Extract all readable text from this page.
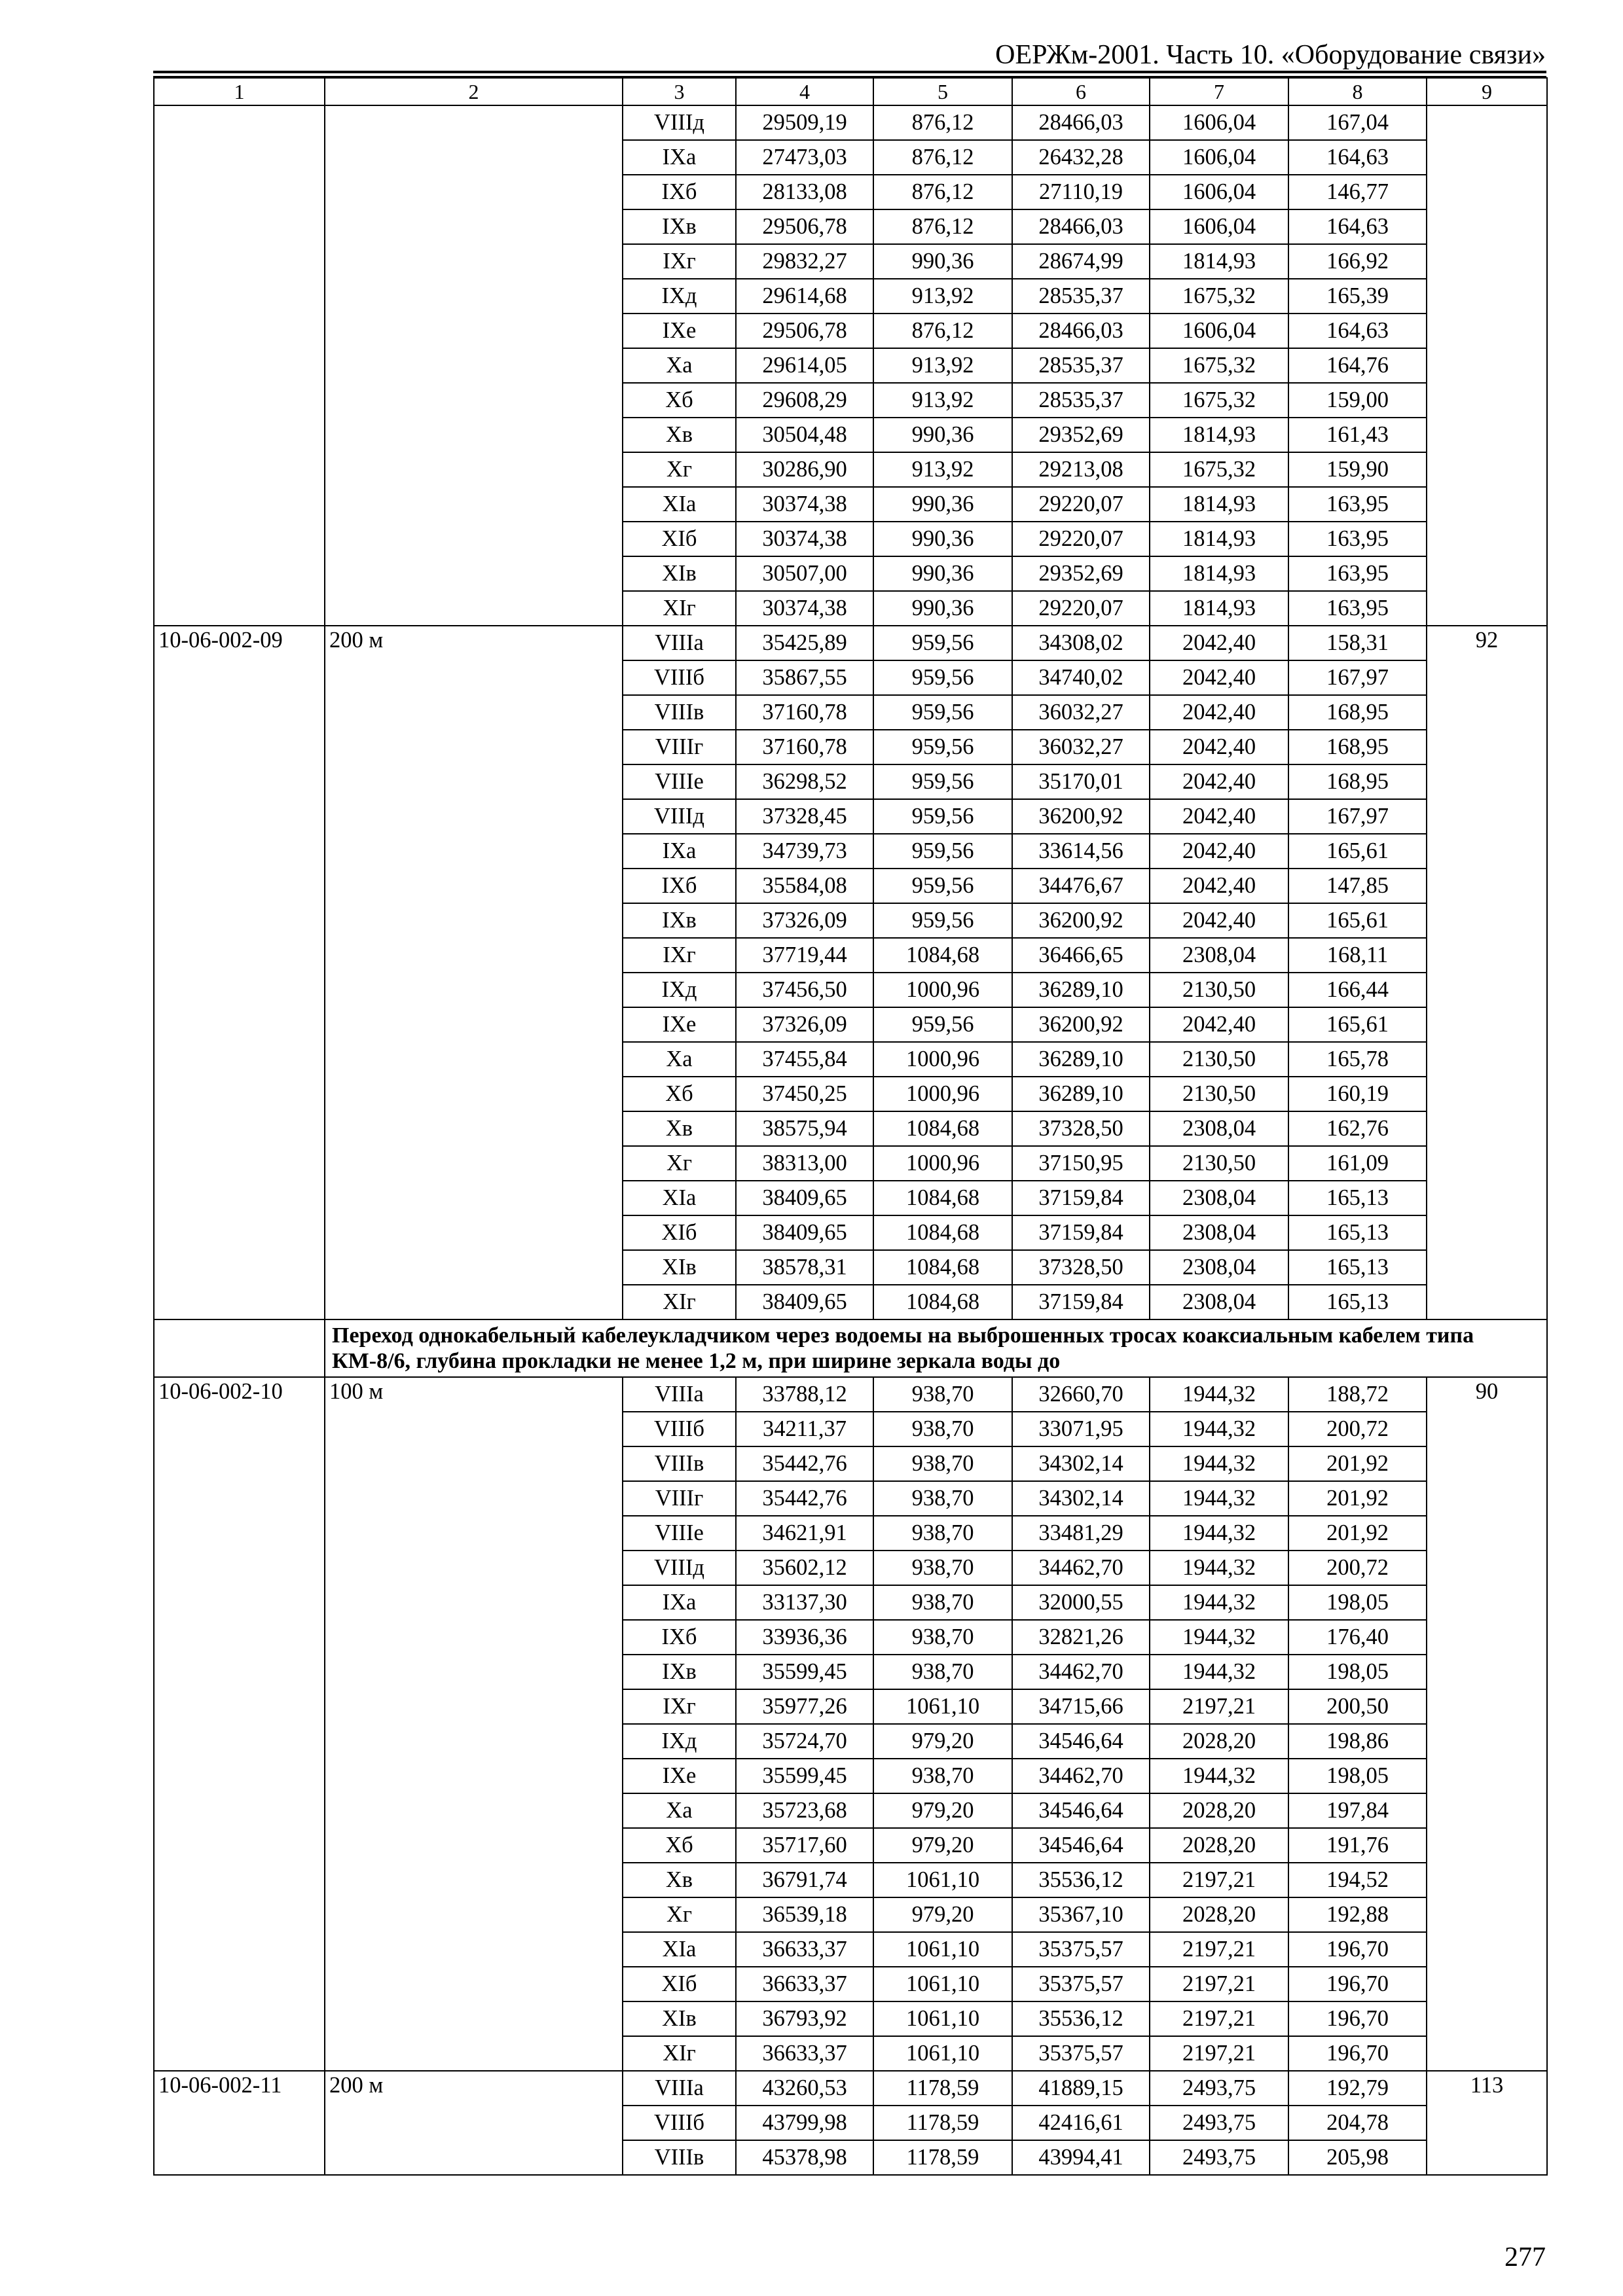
ОЕРЖм-2001. Часть 10. «Оборудование связи»
1	2	3	4	5	6	7	8	9
		VIIIд	29509,19	876,12	28466,03	1606,04	167,04	
		IXа	27473,03	876,12	26432,28	1606,04	164,63	
		IXб	28133,08	876,12	27110,19	1606,04	146,77	
		IXв	29506,78	876,12	28466,03	1606,04	164,63	
		IXг	29832,27	990,36	28674,99	1814,93	166,92	
		IXд	29614,68	913,92	28535,37	1675,32	165,39	
		IXе	29506,78	876,12	28466,03	1606,04	164,63	
		Xа	29614,05	913,92	28535,37	1675,32	164,76	
		Xб	29608,29	913,92	28535,37	1675,32	159,00	
		Xв	30504,48	990,36	29352,69	1814,93	161,43	
		Xг	30286,90	913,92	29213,08	1675,32	159,90	
		XIа	30374,38	990,36	29220,07	1814,93	163,95	
		XIб	30374,38	990,36	29220,07	1814,93	163,95	
		XIв	30507,00	990,36	29352,69	1814,93	163,95	
		XIг	30374,38	990,36	29220,07	1814,93	163,95	
10-06-002-09	200 м	VIIIа	35425,89	959,56	34308,02	2042,40	158,31	92
		VIIIб	35867,55	959,56	34740,02	2042,40	167,97	
		VIIIв	37160,78	959,56	36032,27	2042,40	168,95	
		VIIIг	37160,78	959,56	36032,27	2042,40	168,95	
		VIIIе	36298,52	959,56	35170,01	2042,40	168,95	
		VIIIд	37328,45	959,56	36200,92	2042,40	167,97	
		IXа	34739,73	959,56	33614,56	2042,40	165,61	
		IXб	35584,08	959,56	34476,67	2042,40	147,85	
		IXв	37326,09	959,56	36200,92	2042,40	165,61	
		IXг	37719,44	1084,68	36466,65	2308,04	168,11	
		IXд	37456,50	1000,96	36289,10	2130,50	166,44	
		IXе	37326,09	959,56	36200,92	2042,40	165,61	
		Xа	37455,84	1000,96	36289,10	2130,50	165,78	
		Xб	37450,25	1000,96	36289,10	2130,50	160,19	
		Xв	38575,94	1084,68	37328,50	2308,04	162,76	
		Xг	38313,00	1000,96	37150,95	2130,50	161,09	
		XIа	38409,65	1084,68	37159,84	2308,04	165,13	
		XIб	38409,65	1084,68	37159,84	2308,04	165,13	
		XIв	38578,31	1084,68	37328,50	2308,04	165,13	
		XIг	38409,65	1084,68	37159,84	2308,04	165,13	
	Переход однокабельный кабелеукладчиком через водоемы на выброшенных тросах коаксиальным кабелем типа КМ-8/6, глубина прокладки не менее 1,2 м, при ширине зеркала воды до							
10-06-002-10	100 м	VIIIа	33788,12	938,70	32660,70	1944,32	188,72	90
		VIIIб	34211,37	938,70	33071,95	1944,32	200,72	
		VIIIв	35442,76	938,70	34302,14	1944,32	201,92	
		VIIIг	35442,76	938,70	34302,14	1944,32	201,92	
		VIIIе	34621,91	938,70	33481,29	1944,32	201,92	
		VIIIд	35602,12	938,70	34462,70	1944,32	200,72	
		IXа	33137,30	938,70	32000,55	1944,32	198,05	
		IXб	33936,36	938,70	32821,26	1944,32	176,40	
		IXв	35599,45	938,70	34462,70	1944,32	198,05	
		IXг	35977,26	1061,10	34715,66	2197,21	200,50	
		IXд	35724,70	979,20	34546,64	2028,20	198,86	
		IXе	35599,45	938,70	34462,70	1944,32	198,05	
		Xа	35723,68	979,20	34546,64	2028,20	197,84	
		Xб	35717,60	979,20	34546,64	2028,20	191,76	
		Xв	36791,74	1061,10	35536,12	2197,21	194,52	
		Xг	36539,18	979,20	35367,10	2028,20	192,88	
		XIа	36633,37	1061,10	35375,57	2197,21	196,70	
		XIб	36633,37	1061,10	35375,57	2197,21	196,70	
		XIв	36793,92	1061,10	35536,12	2197,21	196,70	
		XIг	36633,37	1061,10	35375,57	2197,21	196,70	
10-06-002-11	200 м	VIIIа	43260,53	1178,59	41889,15	2493,75	192,79	113
		VIIIб	43799,98	1178,59	42416,61	2493,75	204,78	
		VIIIв	45378,98	1178,59	43994,41	2493,75	205,98	
277
